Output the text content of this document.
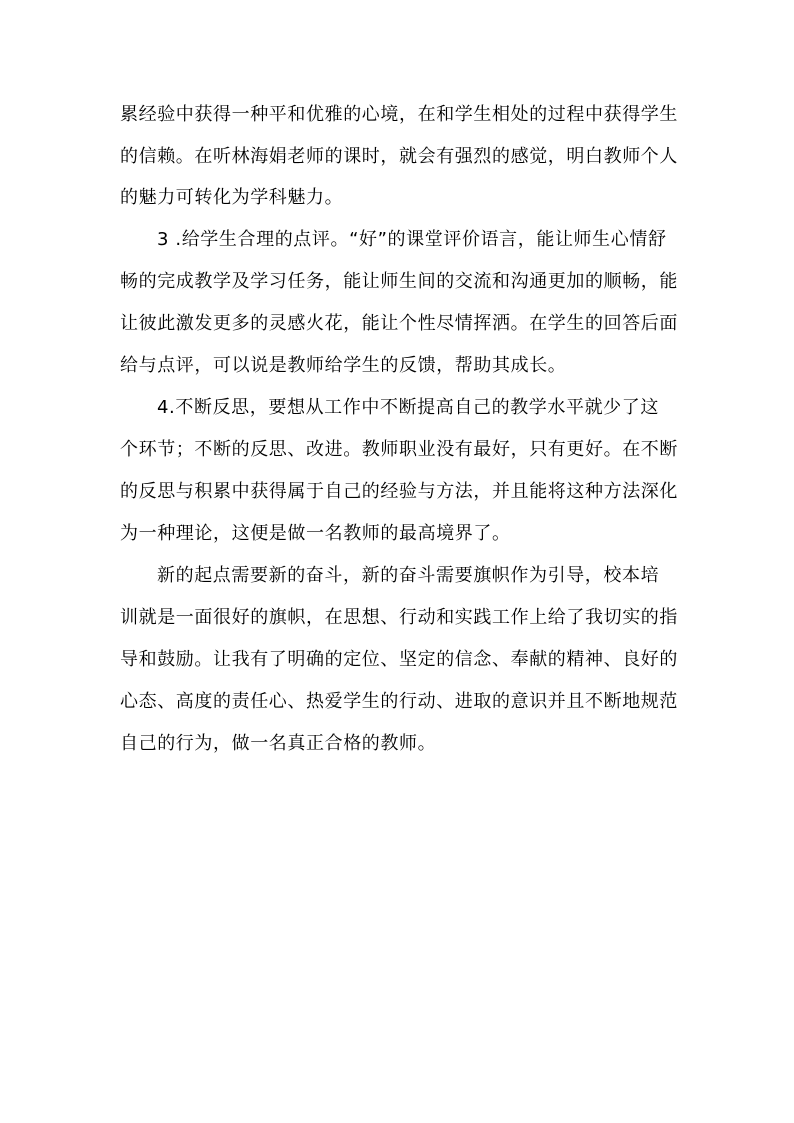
累经验中获得一种平和优雅的心境，在和学生相处的过程中获得学生
的信赖。在听林海娟老师的课时，就会有强烈的感觉，明白教师个人
的魅力可转化为学科魅力。
3 .给学生合理的点评。“好”的课堂评价语言，能让师生心情舒
畅的完成教学及学习任务，能让师生间的交流和沟通更加的顺畅，能
让彼此激发更多的灵感火花，能让个性尽情挥洒。在学生的回答后面
给与点评，可以说是教师给学生的反馈，帮助其成长。
4.不断反思，要想从工作中不断提高自己的教学水平就少了这
个环节；不断的反思、改进。教师职业没有最好，只有更好。在不断
的反思与积累中获得属于自己的经验与方法，并且能将这种方法深化
为一种理论，这便是做一名教师的最高境界了。
新的起点需要新的奋斗，新的奋斗需要旗帜作为引导，校本培
训就是一面很好的旗帜，在思想、行动和实践工作上给了我切实的指
导和鼓励。让我有了明确的定位、坚定的信念、奉献的精神、良好的
心态、高度的责任心、热爱学生的行动、进取的意识并且不断地规范
自己的行为，做一名真正合格的教师。
